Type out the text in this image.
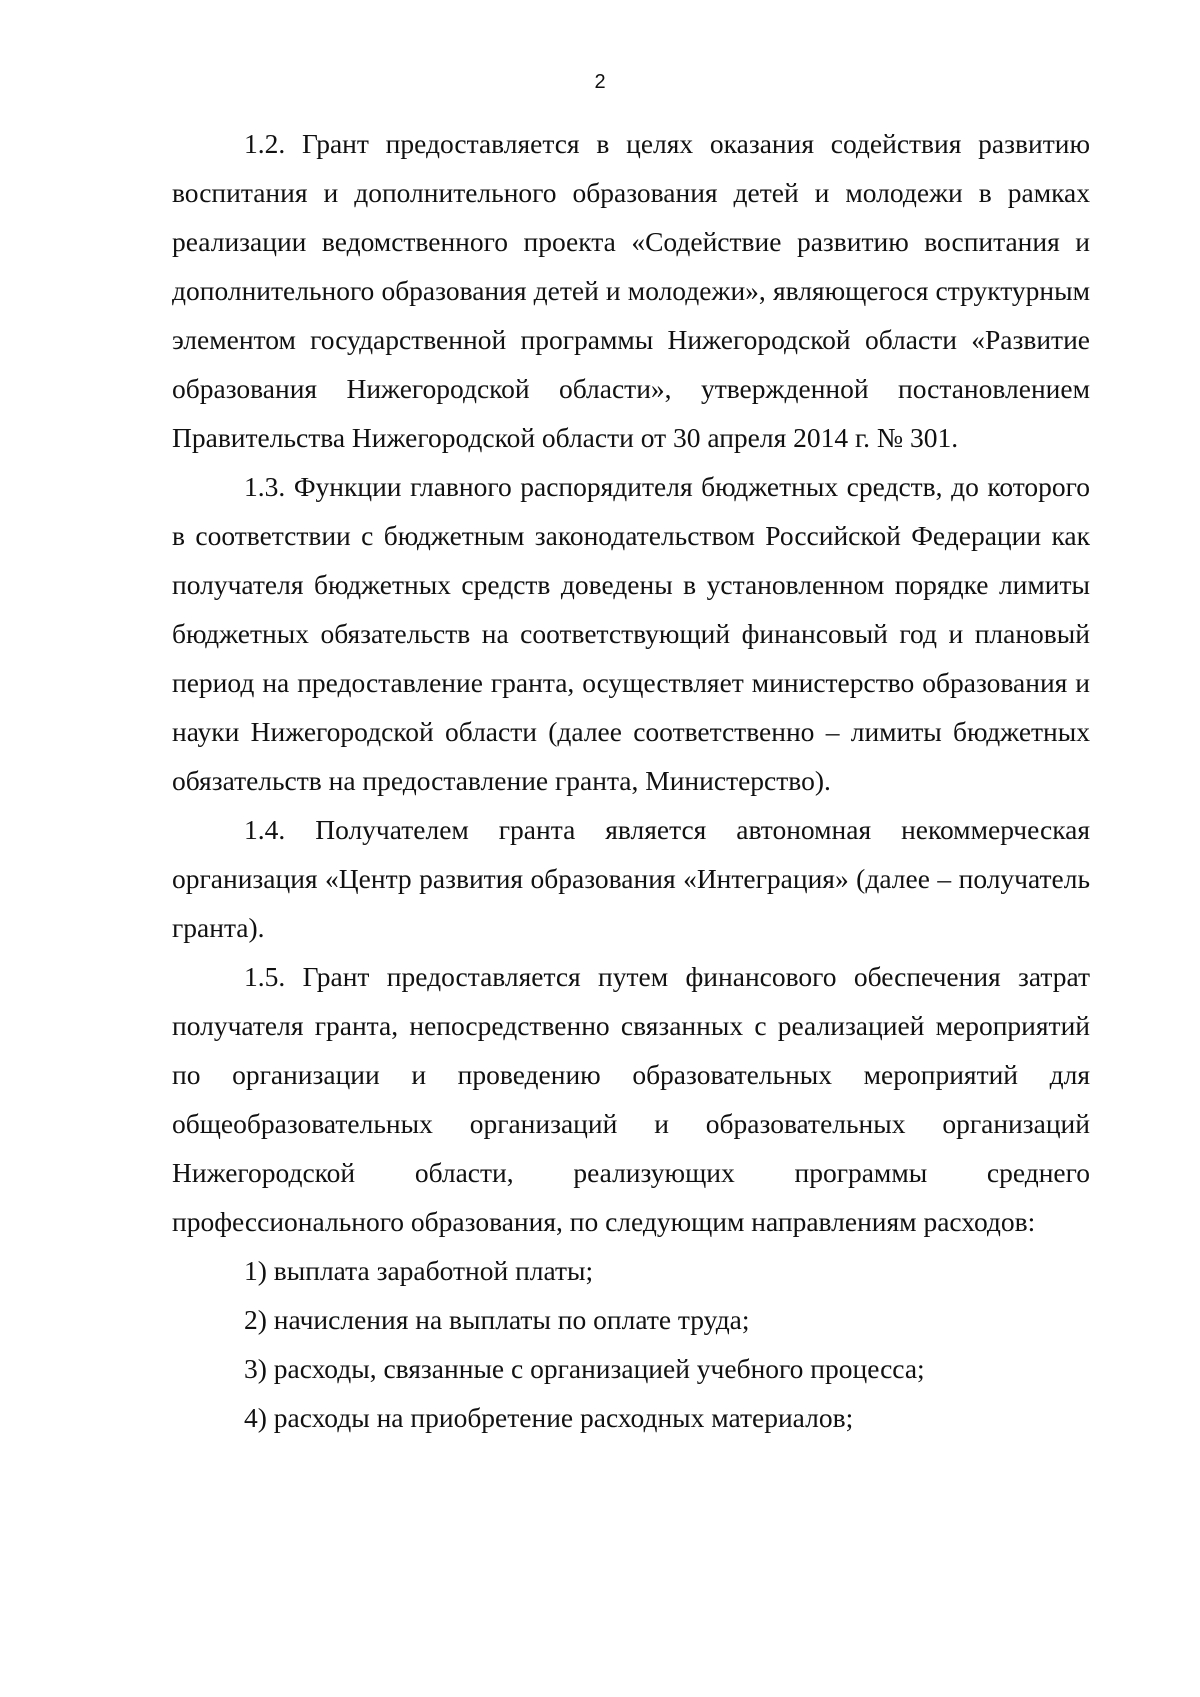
2

1.2. Грант предоставляется в целях оказания содействия развитию воспитания и дополнительного образования детей и молодежи в рамках реализации ведомственного проекта «Содействие развитию воспитания и дополнительного образования детей и молодежи», являющегося структурным элементом государственной программы Нижегородской области «Развитие образования Нижегородской области», утвержденной постановлением Правительства Нижегородской области от 30 апреля 2014 г. № 301.

1.3. Функции главного распорядителя бюджетных средств, до которого в соответствии с бюджетным законодательством Российской Федерации как получателя бюджетных средств доведены в установленном порядке лимиты бюджетных обязательств на соответствующий финансовый год и плановый период на предоставление гранта, осуществляет министерство образования и науки Нижегородской области (далее соответственно – лимиты бюджетных обязательств на предоставление гранта, Министерство).

1.4. Получателем гранта является автономная некоммерческая организация «Центр развития образования «Интеграция» (далее – получатель гранта).

1.5. Грант предоставляется путем финансового обеспечения затрат получателя гранта, непосредственно связанных с реализацией мероприятий по организации и проведению образовательных мероприятий для общеобразовательных организаций и образовательных организаций Нижегородской области, реализующих программы среднего профессионального образования, по следующим направлениям расходов:

1) выплата заработной платы;

2) начисления на выплаты по оплате труда;

3) расходы, связанные с организацией учебного процесса;

4) расходы на приобретение расходных материалов;
